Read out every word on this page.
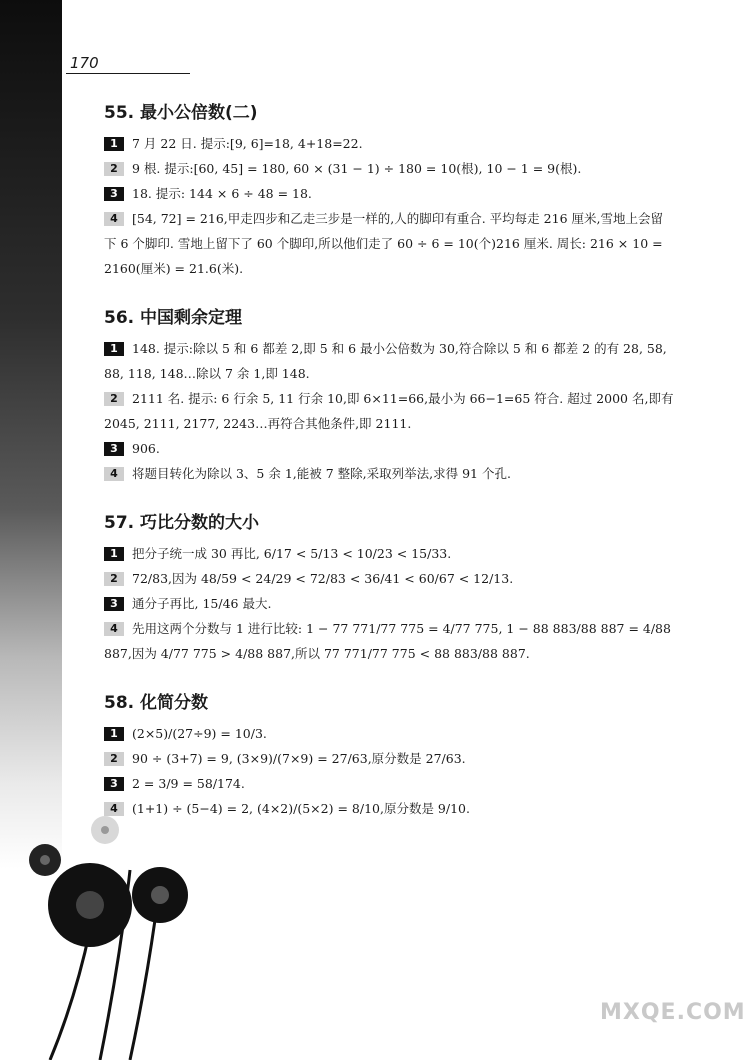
170
55. 最小公倍数(二)

1 7 月 22 日. 提示:[9, 6]=18, 4+18=22.

2 9 根. 提示:[60, 45] = 180, 60 × (31 − 1) ÷ 180 = 10(根), 10 − 1 = 9(根).

3 18. 提示: 144 × 6 ÷ 48 = 18.

4 [54, 72] = 216,甲走四步和乙走三步是一样的,人的脚印有重合. 平均每走 216 厘米,雪地上会留下 6 个脚印. 雪地上留下了 60 个脚印,所以他们走了 60 ÷ 6 = 10(个)216 厘米. 周长: 216 × 10 = 2160(厘米) = 21.6(米).

56. 中国剩余定理

1 148. 提示:除以 5 和 6 都差 2,即 5 和 6 最小公倍数为 30,符合除以 5 和 6 都差 2 的有 28, 58, 88, 118, 148…除以 7 余 1,即 148.

2 2111 名. 提示: 6 行余 5, 11 行余 10,即 6×11=66,最小为 66−1=65 符合. 超过 2000 名,即有 2045, 2111, 2177, 2243…再符合其他条件,即 2111.

3 906.

4 将题目转化为除以 3、5 余 1,能被 7 整除,采取列举法,求得 91 个孔.

57. 巧比分数的大小

1 把分子统一成 30 再比, 6/17 < 5/13 < 10/23 < 15/33.

2 72/83,因为 48/59 < 24/29 < 72/83 < 36/41 < 60/67 < 12/13.

3 通分子再比, 15/46 最大.

4 先用这两个分数与 1 进行比较: 1 − 77 771/77 775 = 4/77 775, 1 − 88 883/88 887 = 4/88 887,因为 4/77 775 > 4/88 887,所以 77 771/77 775 < 88 883/88 887.

58. 化简分数

1 (2×5)/(27÷9) = 10/3.

2 90 ÷ (3+7) = 9, (3×9)/(7×9) = 27/63,原分数是 27/63.

3 2 = 3/9 = 58/174.

4 (1+1) ÷ (5−4) = 2, (4×2)/(5×2) = 8/10,原分数是 9/10.

MXQE.COM
